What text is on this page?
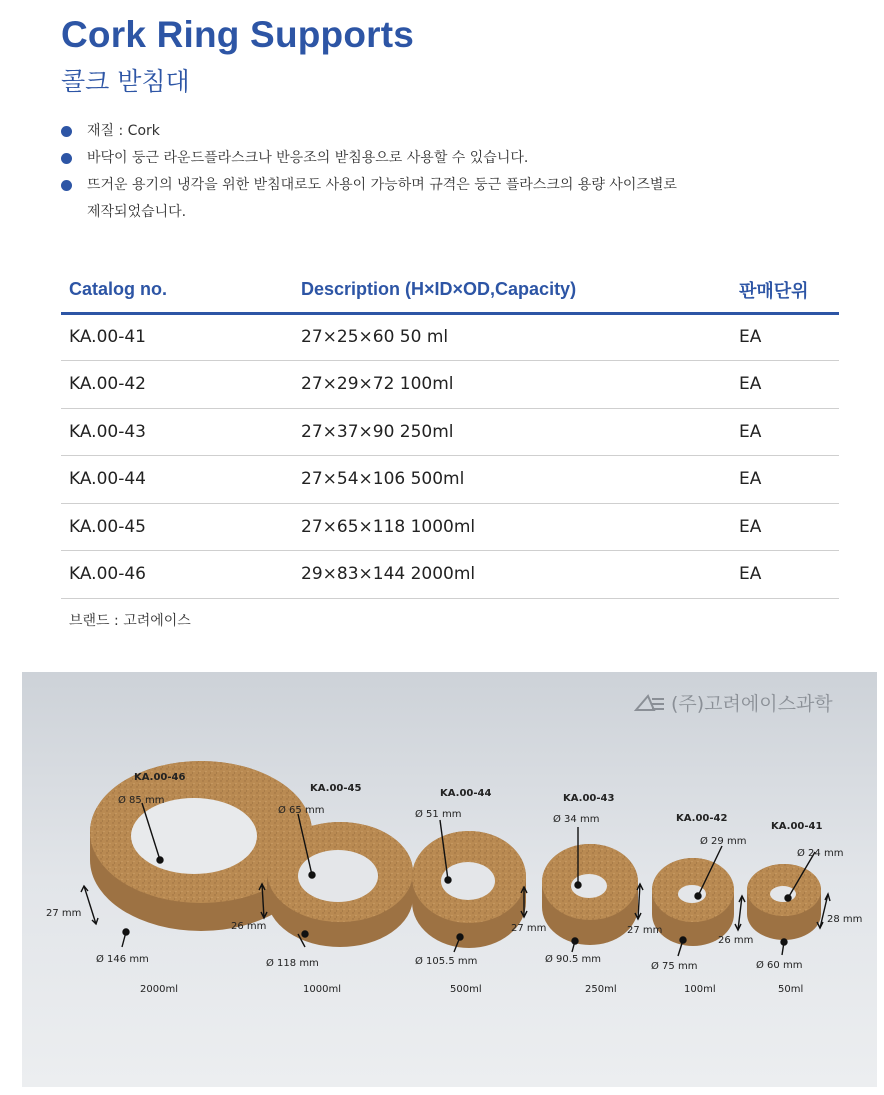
Cork Ring Supports
콜크 받침대
재질 : Cork
바닥이 둥근 라운드플라스크나 반응조의 받침용으로 사용할 수 있습니다.
뜨거운 용기의 냉각을 위한 받침대로도 사용이 가능하며 규격은 둥근 플라스크의 용량 사이즈별로
제작되었습니다.
Catalog no.	Description (H×ID×OD,Capacity)	판매단위
KA.00-41	27×25×60 50 ml	EA
KA.00-42	27×29×72 100ml	EA
KA.00-43	27×37×90 250ml	EA
KA.00-44	27×54×106 500ml	EA
KA.00-45	27×65×118 1000ml	EA
KA.00-46	29×83×144 2000ml	EA
브랜드 : 고려에이스
(주)고려에이스과학
KA.00-46
Ø 85 mm
27 mm
Ø 146 mm
2000ml
KA.00-45
Ø 65 mm
26 mm
Ø 118 mm
1000ml
KA.00-44
Ø 51 mm
27 mm
Ø 105.5 mm
500ml
KA.00-43
Ø 34 mm
27 mm
Ø 90.5 mm
250ml
KA.00-42
Ø 29 mm
26 mm
Ø 75 mm
100ml
KA.00-41
Ø 24 mm
28 mm
Ø 60 mm
50ml
